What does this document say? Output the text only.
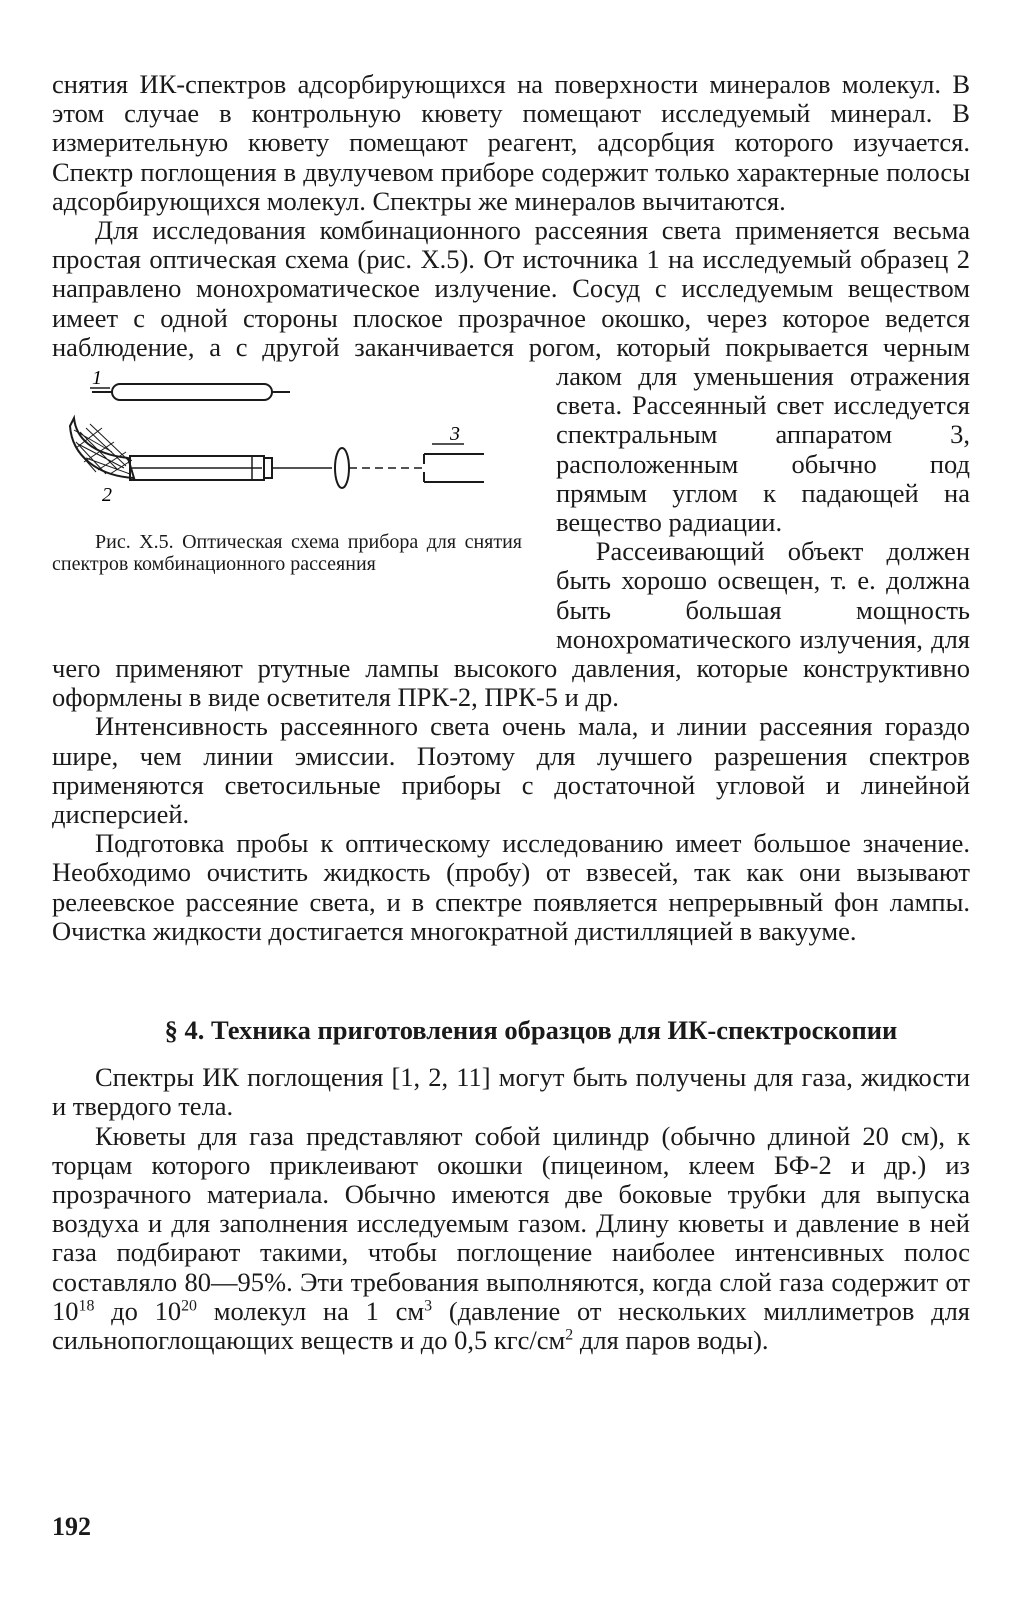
снятия ИК-спектров адсорбирующихся на поверхности минералов молекул. В этом случае в контрольную кювету помещают исследуемый минерал. В измерительную кювету помещают реагент, адсорбция которого изучается. Спектр поглощения в двулучевом приборе содержит только характерные полосы адсорбирующихся молекул. Спектры же минералов вычитаются.

Для исследования комбинационного рассеяния света применяется весьма простая оптическая схема (рис. X.5). От источника 1 на исследуемый образец 2 направлено монохроматическое излучение. Сосуд с исследуемым веществом имеет с одной стороны плоское прозрачное окошко, через которое ведется наблюдение, а с другой заканчивается рогом, который покрывается черным лаком для уменьшения
1
3
2
Рис. X.5. Оптическая схема прибора для снятия спектров комбинационного рассеяния
отражения света. Рассеянный свет исследуется спектральным аппаратом 3, расположенным обычно под прямым углом к падающей на вещество радиации.
  Рассеивающий объект должен быть хорошо освещен, т. е. должна быть большая мощность монохроматического излучения, для чего применяют ртутные лампы высокого давления, которые конструктивно оформлены в виде осветителя ПРК-2, ПРК-5 и др.

Интенсивность рассеянного света очень мала, и линии рассеяния гораздо шире, чем линии эмиссии. Поэтому для лучшего разрешения спектров применяются светосильные приборы с достаточной угловой и линейной дисперсией.

Подготовка пробы к оптическому исследованию имеет большое значение. Необходимо очистить жидкость (пробу) от взвесей, так как они вызывают релеевское рассеяние света, и в спектре появляется непрерывный фон лампы. Очистка жидкости достигается многократной дистилляцией в вакууме.

§ 4. Техника приготовления образцов для ИК-спектроскопии

Спектры ИК поглощения [1, 2, 11] могут быть получены для газа, жидкости и твердого тела.

Кюветы для газа представляют собой цилиндр (обычно длиной 20 см), к торцам которого приклеивают окошки (пицеином, клеем БФ-2 и др.) из прозрачного материала. Обычно имеются две боковые трубки для выпуска воздуха и для заполнения исследуемым газом. Длину кюветы и давление в ней газа подбирают такими, чтобы поглощение наиболее интенсивных полос составляло 80—95%. Эти требования выполняются, когда слой газа содержит от $10^{18}$ до $10^{20}$ молекул на 1 $см^3$ (давление от нескольких миллиметров для сильнопоглощающих веществ и до 0,5 кгс/$см^2$ для паров воды).

192
